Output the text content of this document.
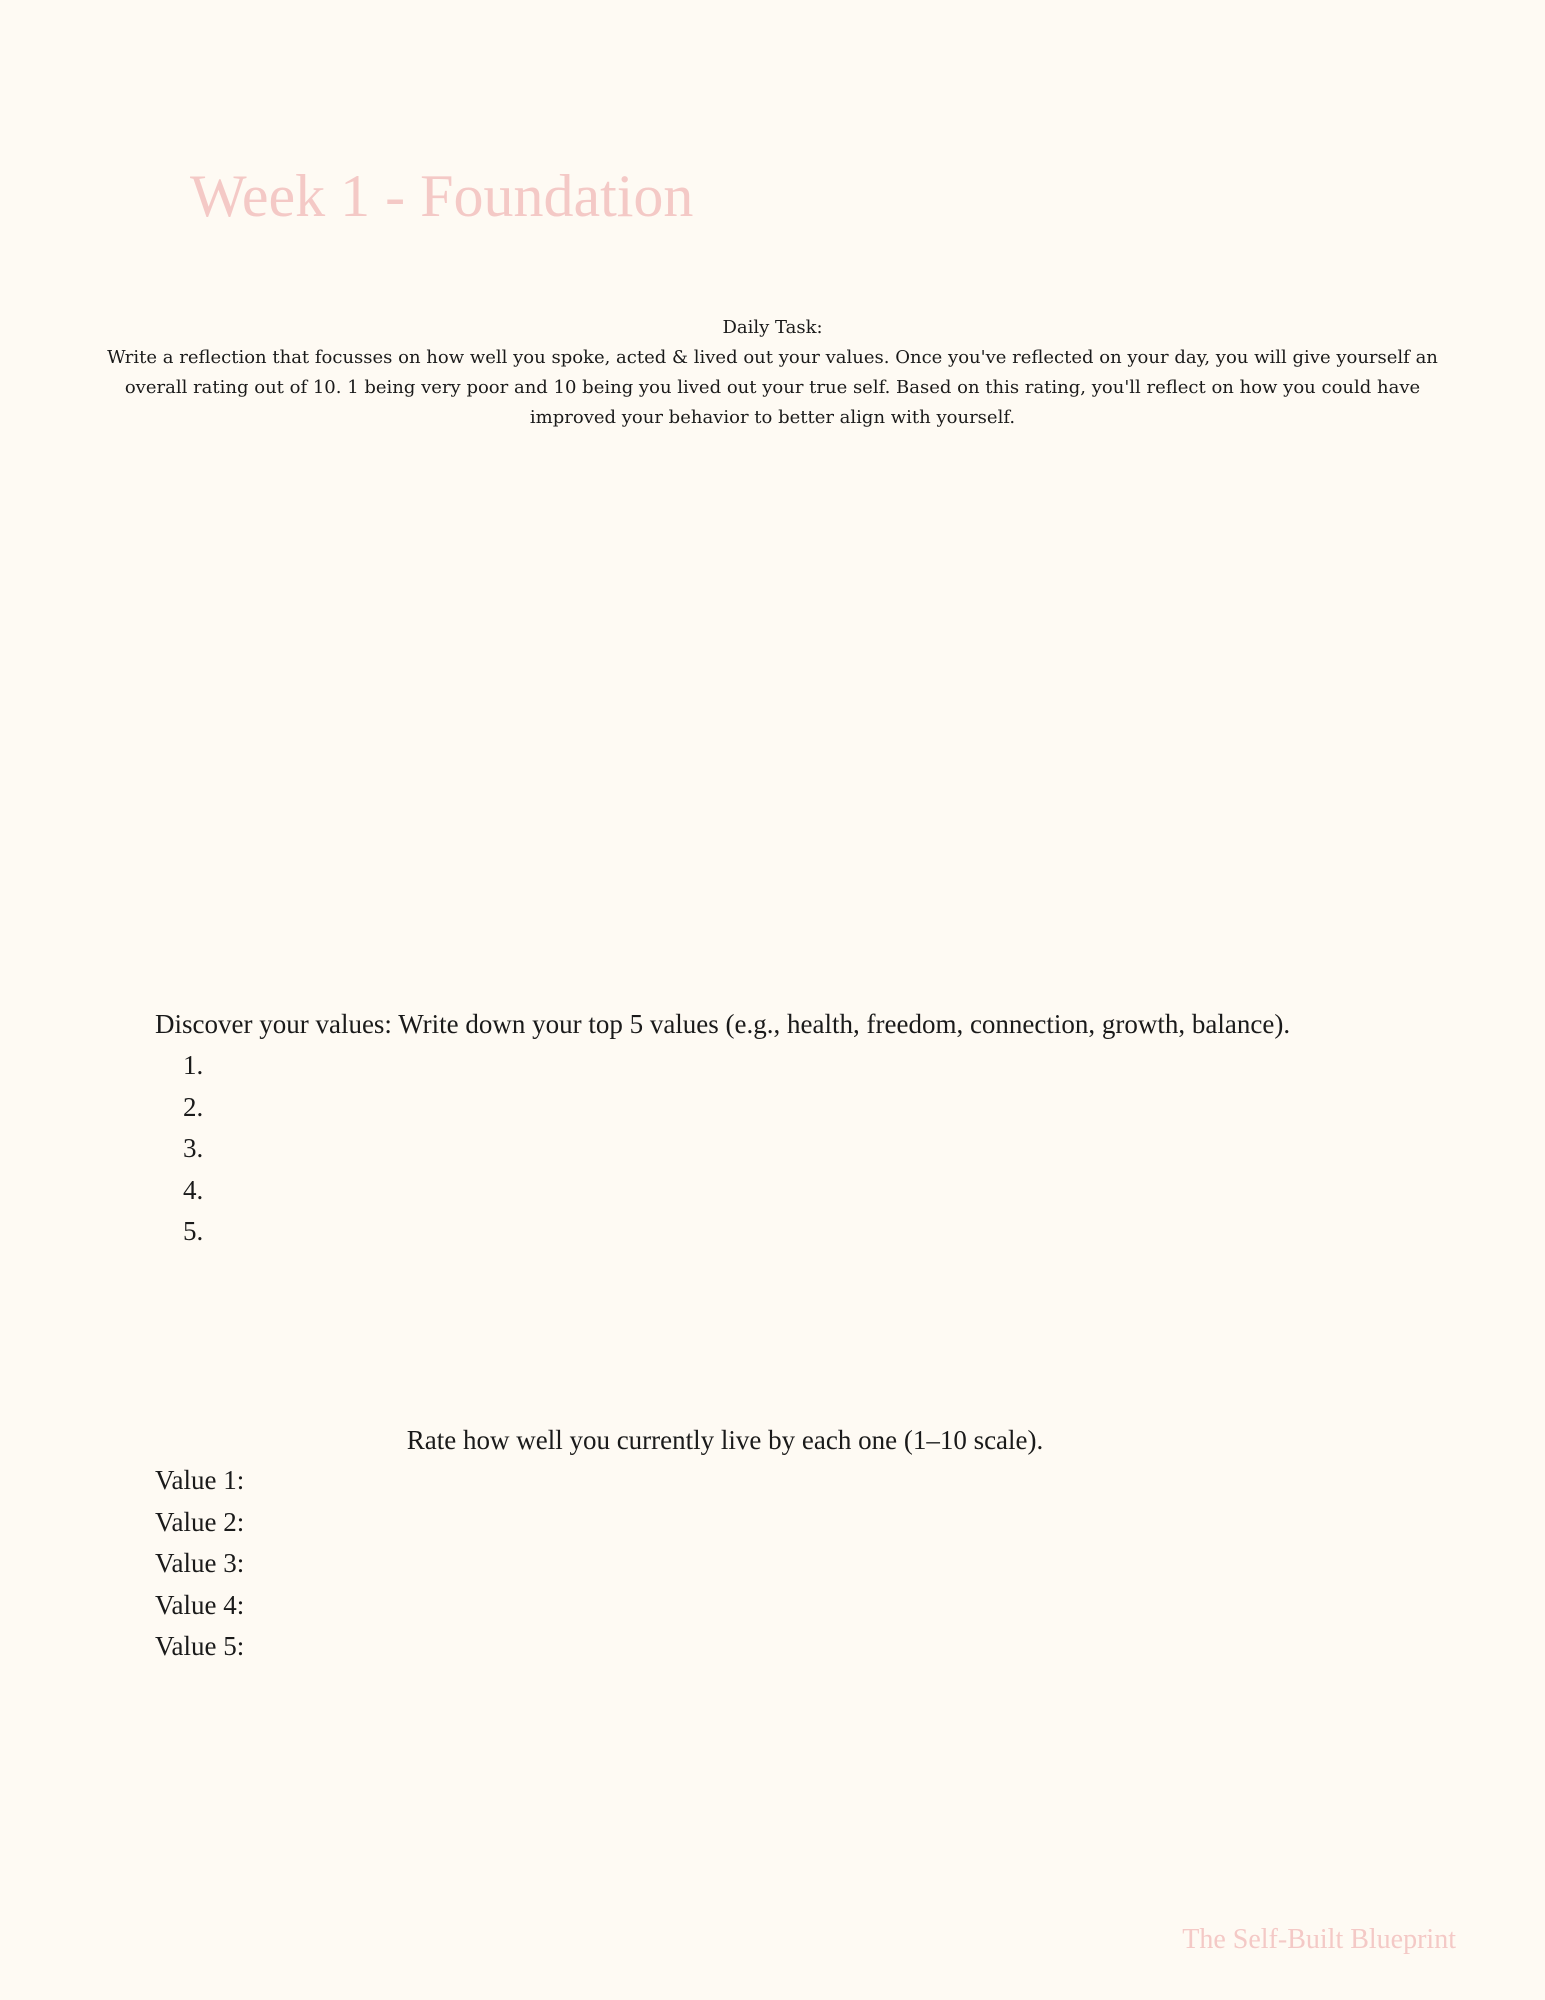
Week 1 - Foundation

Daily Task:

Write a reflection that focusses on how well you spoke, acted & lived out your values. Once you've reflected on your day, you will give yourself an overall rating out of 10. 1 being very poor and 10 being you lived out your true self. Based on this rating, you'll reflect on how you could have improved your behavior to better align with yourself.

Discover your values: Write down your top 5 values (e.g., health, freedom, connection, growth, balance).
1.
2.
3.
4.
5.
Rate how well you currently live by each one (1–10 scale).
Value 1:
Value 2:
Value 3:
Value 4:
Value 5:
The Self-Built Blueprint
